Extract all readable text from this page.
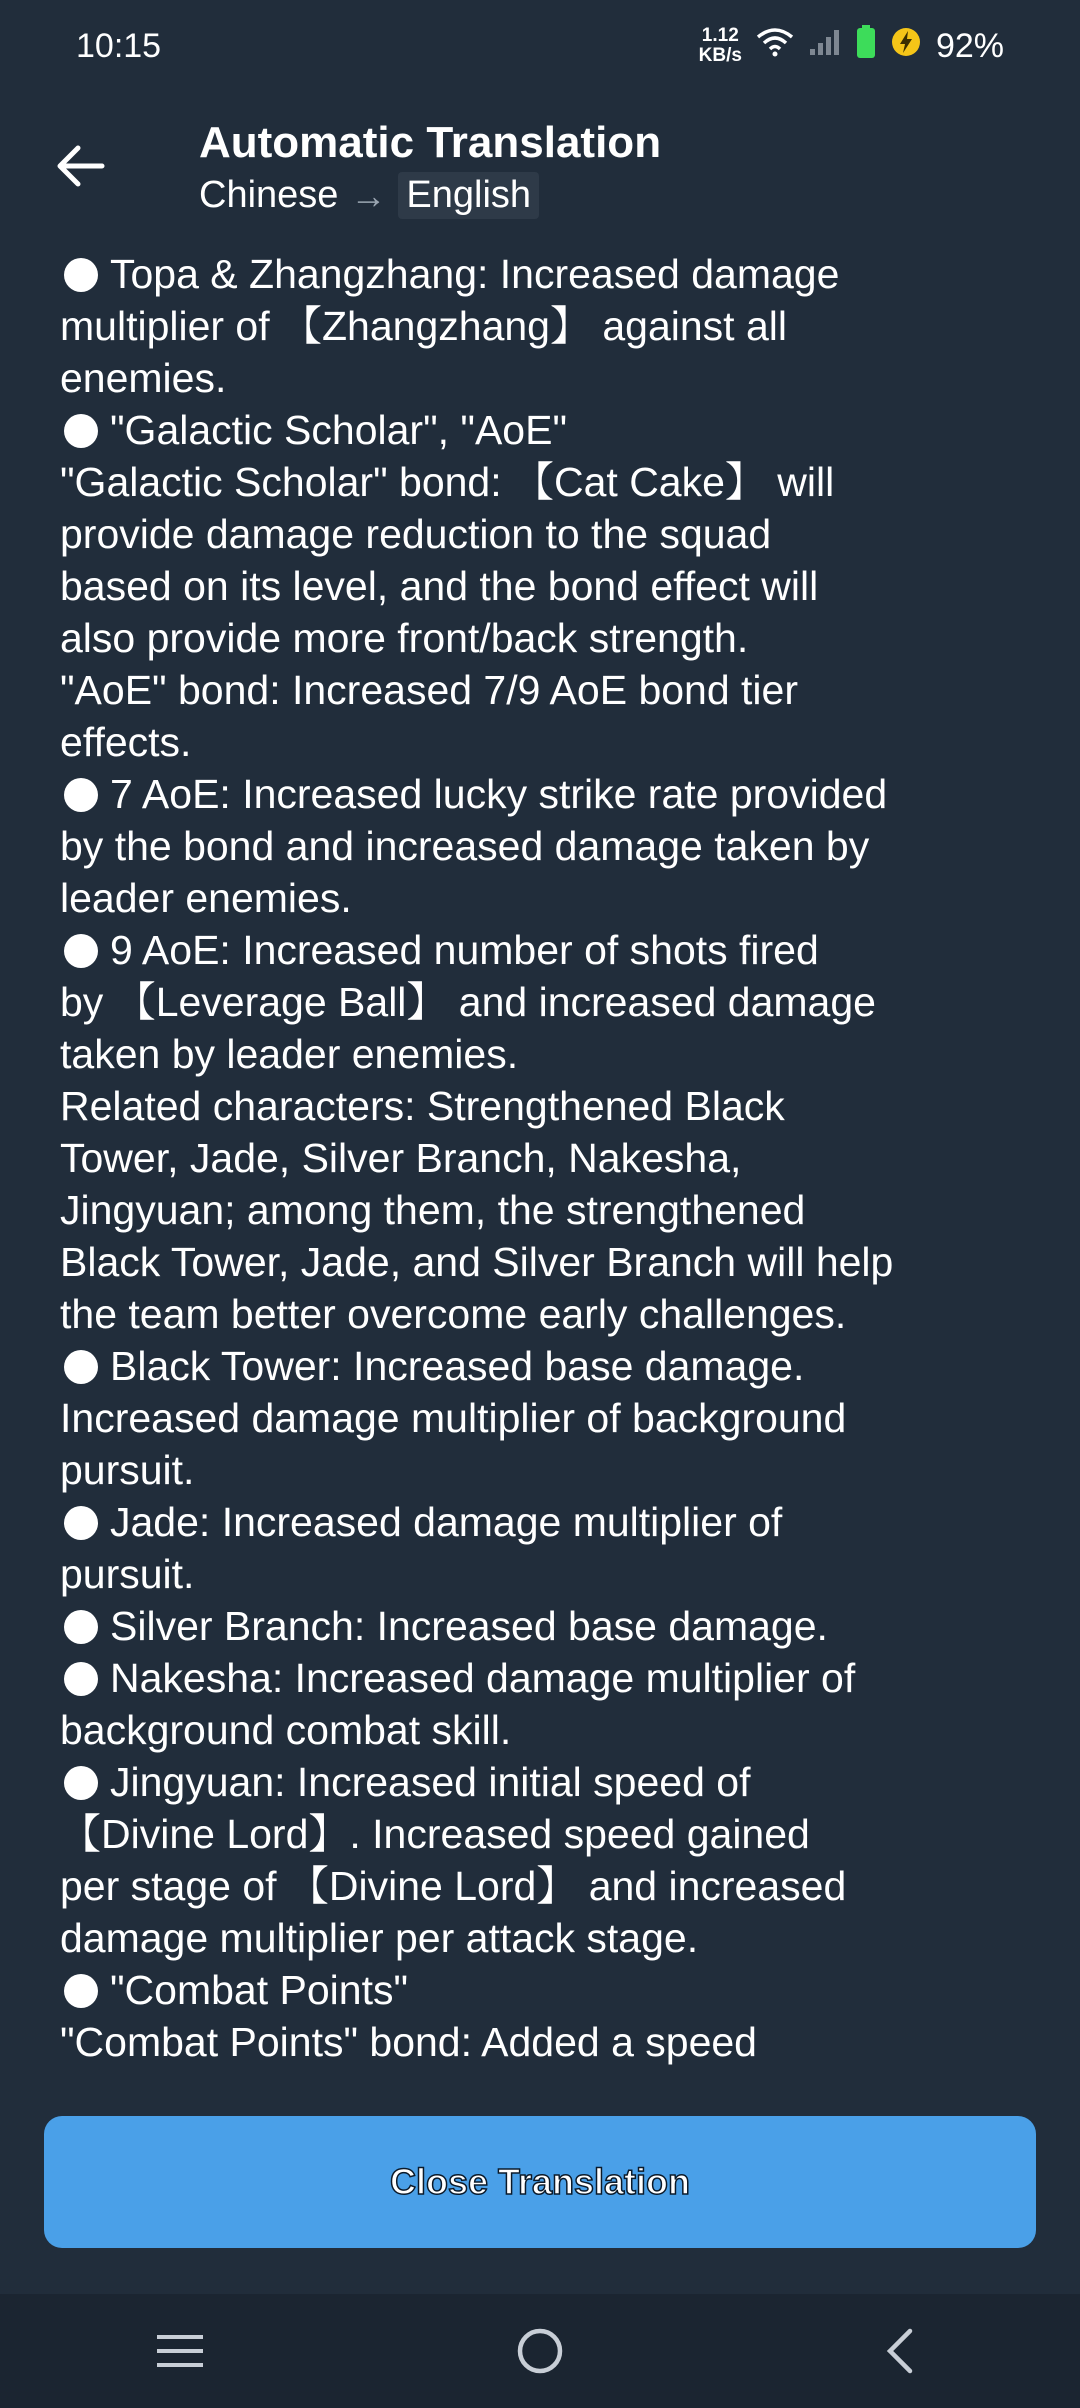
10:15	1.12
KB/s	92%
Automatic Translation
Chinese → English
Topa & Zhangzhang: Increased damage
multiplier of 【Zhangzhang】 against all
enemies.
"Galactic Scholar", "AoE"
"Galactic Scholar" bond: 【Cat Cake】 will
provide damage reduction to the squad
based on its level, and the bond effect will
also provide more front/back strength.
"AoE" bond: Increased 7/9 AoE bond tier
effects.
7 AoE: Increased lucky strike rate provided
by the bond and increased damage taken by
leader enemies.
9 AoE: Increased number of shots fired
by 【Leverage Ball】 and increased damage
taken by leader enemies.
Related characters: Strengthened Black
Tower, Jade, Silver Branch, Nakesha,
Jingyuan; among them, the strengthened
Black Tower, Jade, and Silver Branch will help
the team better overcome early challenges.
Black Tower: Increased base damage.
Increased damage multiplier of background
pursuit.
Jade: Increased damage multiplier of
pursuit.
Silver Branch: Increased base damage.
Nakesha: Increased damage multiplier of
background combat skill.
Jingyuan: Increased initial speed of
【Divine Lord】. Increased speed gained
per stage of 【Divine Lord】 and increased
damage multiplier per attack stage.
"Combat Points"
"Combat Points" bond: Added a speed
Close Translation
